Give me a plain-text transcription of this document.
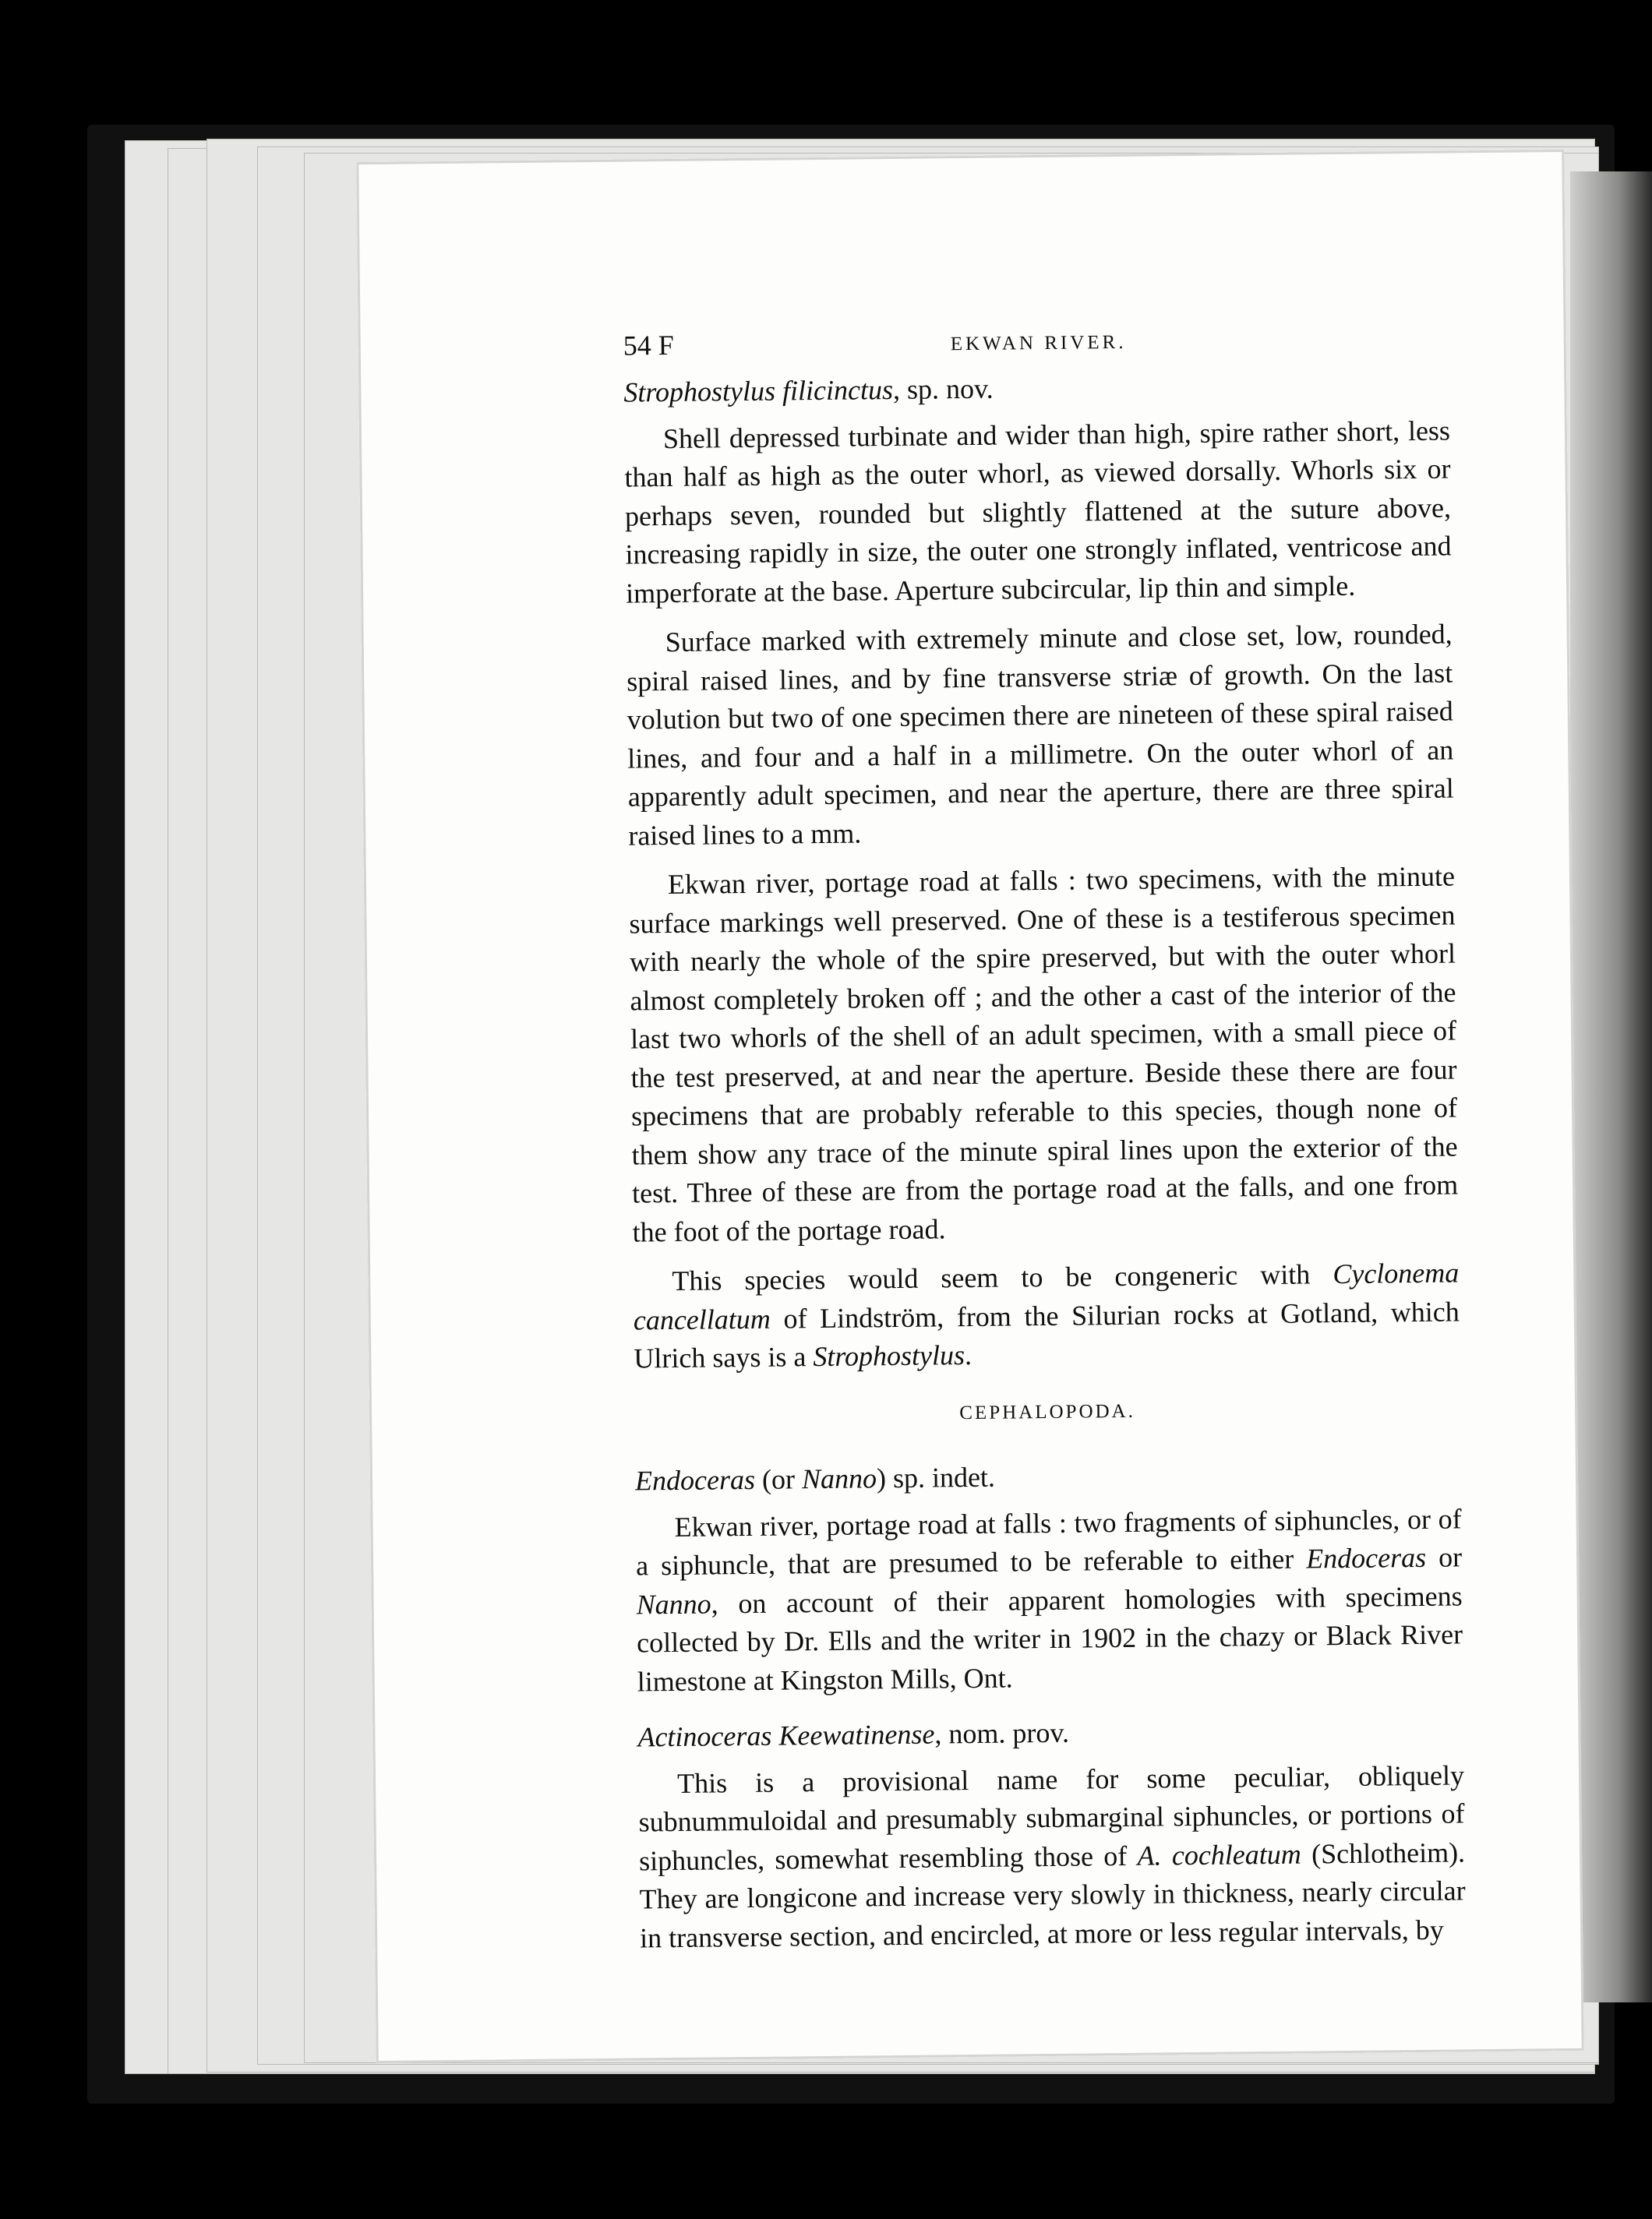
54 F	EKWAN RIVER.

Strophostylus filicinctus, sp. nov.

Shell depressed turbinate and wider than high, spire rather short, less than half as high as the outer whorl, as viewed dorsally. Whorls six or perhaps seven, rounded but slightly flattened at the suture above, increasing rapidly in size, the outer one strongly inflated, ventricose and imperforate at the base. Aperture subcircular, lip thin and simple.

Surface marked with extremely minute and close set, low, rounded, spiral raised lines, and by fine transverse striæ of growth. On the last volution but two of one specimen there are nineteen of these spiral raised lines, and four and a half in a millimetre. On the outer whorl of an apparently adult specimen, and near the aperture, there are three spiral raised lines to a mm.

Ekwan river, portage road at falls : two specimens, with the minute surface markings well preserved. One of these is a testiferous specimen with nearly the whole of the spire preserved, but with the outer whorl almost completely broken off ; and the other a cast of the interior of the last two whorls of the shell of an adult specimen, with a small piece of the test preserved, at and near the aperture. Beside these there are four specimens that are probably referable to this species, though none of them show any trace of the minute spiral lines upon the exterior of the test. Three of these are from the portage road at the falls, and one from the foot of the portage road.

This species would seem to be congeneric with Cyclonema cancellatum of Lindström, from the Silurian rocks at Gotland, which Ulrich says is a Strophostylus.

CEPHALOPODA.

Endoceras (or Nanno) sp. indet.

Ekwan river, portage road at falls : two fragments of siphuncles, or of a siphuncle, that are presumed to be referable to either Endoceras or Nanno, on account of their apparent homologies with specimens collected by Dr. Ells and the writer in 1902 in the chazy or Black River limestone at Kingston Mills, Ont.

Actinoceras Keewatinense, nom. prov.

This is a provisional name for some peculiar, obliquely subnummuloidal and presumably submarginal siphuncles, or portions of siphuncles, somewhat resembling those of A. cochleatum (Schlotheim). They are longicone and increase very slowly in thickness, nearly circular in transverse section, and encircled, at more or less regular intervals, by
